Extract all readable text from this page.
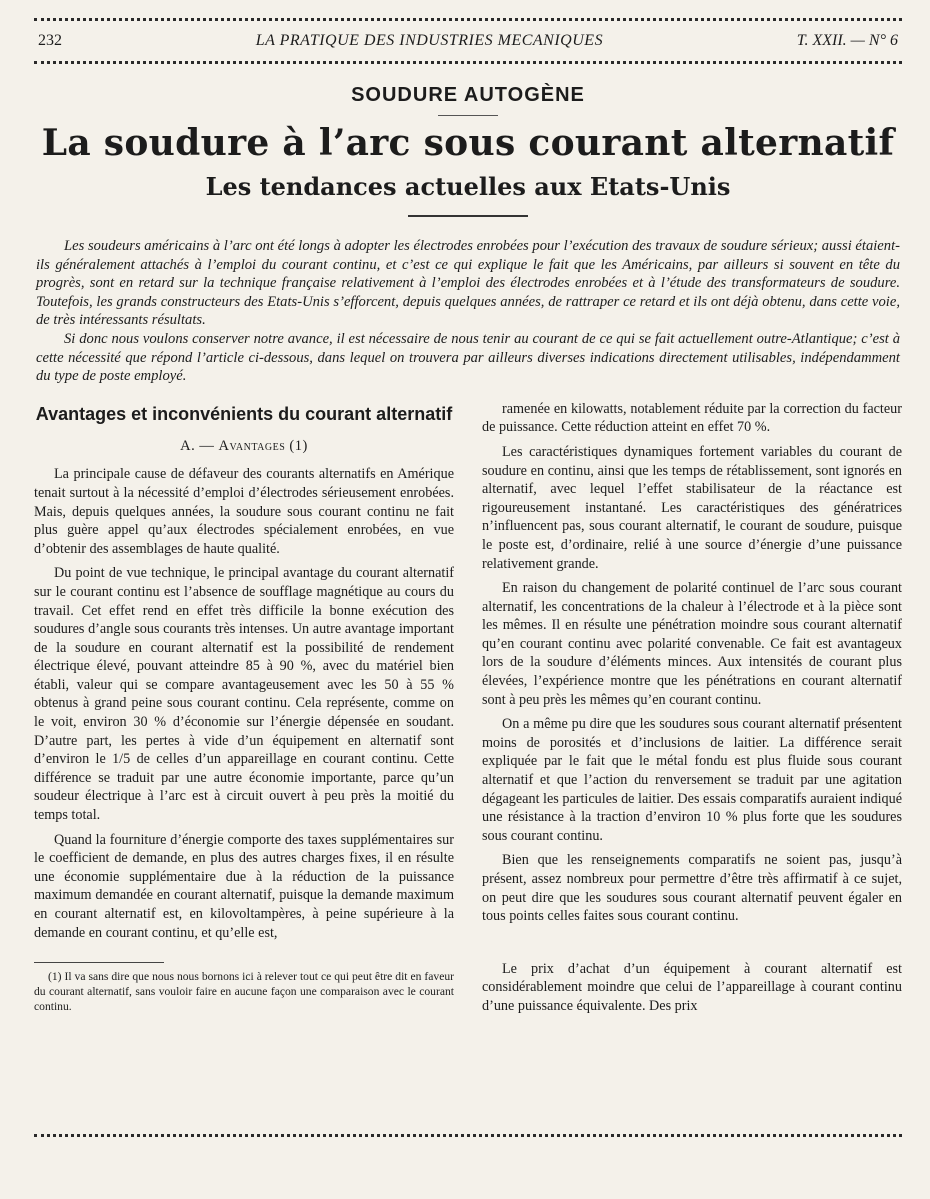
232	LA PRATIQUE DES INDUSTRIES MECANIQUES	T. XXII. — N° 6
SOUDURE AUTOGÈNE
La soudure à l’arc sous courant alternatif
Les tendances actuelles aux Etats-Unis

Les soudeurs américains à l’arc ont été longs à adopter les électrodes enrobées pour l’exécution des travaux de soudure sérieux; aussi étaient-ils généralement attachés à l’emploi du courant continu, et c’est ce qui explique le fait que les Américains, par ailleurs si souvent en tête du progrès, sont en retard sur la technique française relativement à l’emploi des électrodes enrobées et à l’étude des transformateurs de soudure. Toutefois, les grands constructeurs des Etats-Unis s’efforcent, depuis quelques années, de rattraper ce retard et ils ont déjà obtenu, dans cette voie, de très intéressants résultats.

Si donc nous voulons conserver notre avance, il est nécessaire de nous tenir au courant de ce qui se fait actuellement outre-Atlantique; c’est à cette nécessité que répond l’article ci-dessous, dans lequel on trouvera par ailleurs diverses indications directement utilisables, indépendamment du type de poste employé.

Avantages et inconvénients du courant alternatif
A. — Avantages (1)

La principale cause de défaveur des courants alternatifs en Amérique tenait surtout à la nécessité d’emploi d’électrodes sérieusement enrobées. Mais, depuis quelques années, la soudure sous courant continu ne fait plus guère appel qu’aux électrodes spécialement enrobées, en vue d’obtenir des assemblages de haute qualité.

Du point de vue technique, le principal avantage du courant alternatif sur le courant continu est l’absence de soufflage magnétique au cours du travail. Cet effet rend en effet très difficile la bonne exécution des soudures d’angle sous courants très intenses. Un autre avantage important de la soudure en courant alternatif est la possibilité de rendement électrique élevé, pouvant atteindre 85 à 90 %, avec du matériel bien établi, valeur qui se compare avantageusement avec les 50 à 55 % obtenus à grand peine sous courant continu. Cela représente, comme on le voit, environ 30 % d’économie sur l’énergie dépensée en soudant. D’autre part, les pertes à vide d’un équipement en alternatif sont d’environ le 1/5 de celles d’un appareillage en courant continu. Cette différence se traduit par une autre économie importante, parce qu’un soudeur électrique à l’arc est à circuit ouvert à peu près la moitié du temps total.

Quand la fourniture d’énergie comporte des taxes supplémentaires sur le coefficient de demande, en plus des autres charges fixes, il en résulte une économie supplémentaire due à la réduction de la puissance maximum demandée en courant alternatif, puisque la demande maximum en courant alternatif est, en kilovoltampères, à peine supérieure à la demande en courant continu, et qu’elle est,

(1) Il va sans dire que nous nous bornons ici à relever tout ce qui peut être dit en faveur du courant alternatif, sans vouloir faire en aucune façon une comparaison avec le courant continu.

ramenée en kilowatts, notablement réduite par la correction du facteur de puissance. Cette réduction atteint en effet 70 %.

Les caractéristiques dynamiques fortement variables du courant de soudure en continu, ainsi que les temps de rétablissement, sont ignorés en alternatif, avec lequel l’effet stabilisateur de la réactance est rigoureusement instantané. Les caractéristiques des génératrices n’influencent pas, sous courant alternatif, le courant de soudure, puisque le poste est, d’ordinaire, relié à une source d’énergie d’une puissance relativement grande.

En raison du changement de polarité continuel de l’arc sous courant alternatif, les concentrations de la chaleur à l’électrode et à la pièce sont les mêmes. Il en résulte une pénétration moindre sous courant alternatif qu’en courant continu avec polarité convenable. Ce fait est avantageux lors de la soudure d’éléments minces. Aux intensités de courant plus élevées, l’expérience montre que les pénétrations en courant alternatif sont à peu près les mêmes qu’en courant continu.

On a même pu dire que les soudures sous courant alternatif présentent moins de porosités et d’inclusions de laitier. La différence serait expliquée par le fait que le métal fondu est plus fluide sous courant alternatif et que l’action du renversement se traduit par une agitation dégageant les particules de laitier. Des essais comparatifs auraient indiqué une résistance à la traction d’environ 10 % plus forte que les soudures sous courant continu.

Bien que les renseignements comparatifs ne soient pas, jusqu’à présent, assez nombreux pour permettre d’être très affirmatif à ce sujet, on peut dire que les soudures sous courant alternatif peuvent égaler en tous points celles faites sous courant continu.

Le prix d’achat d’un équipement à courant alternatif est considérablement moindre que celui de l’appareillage à courant continu d’une puissance équivalente. Des prix
